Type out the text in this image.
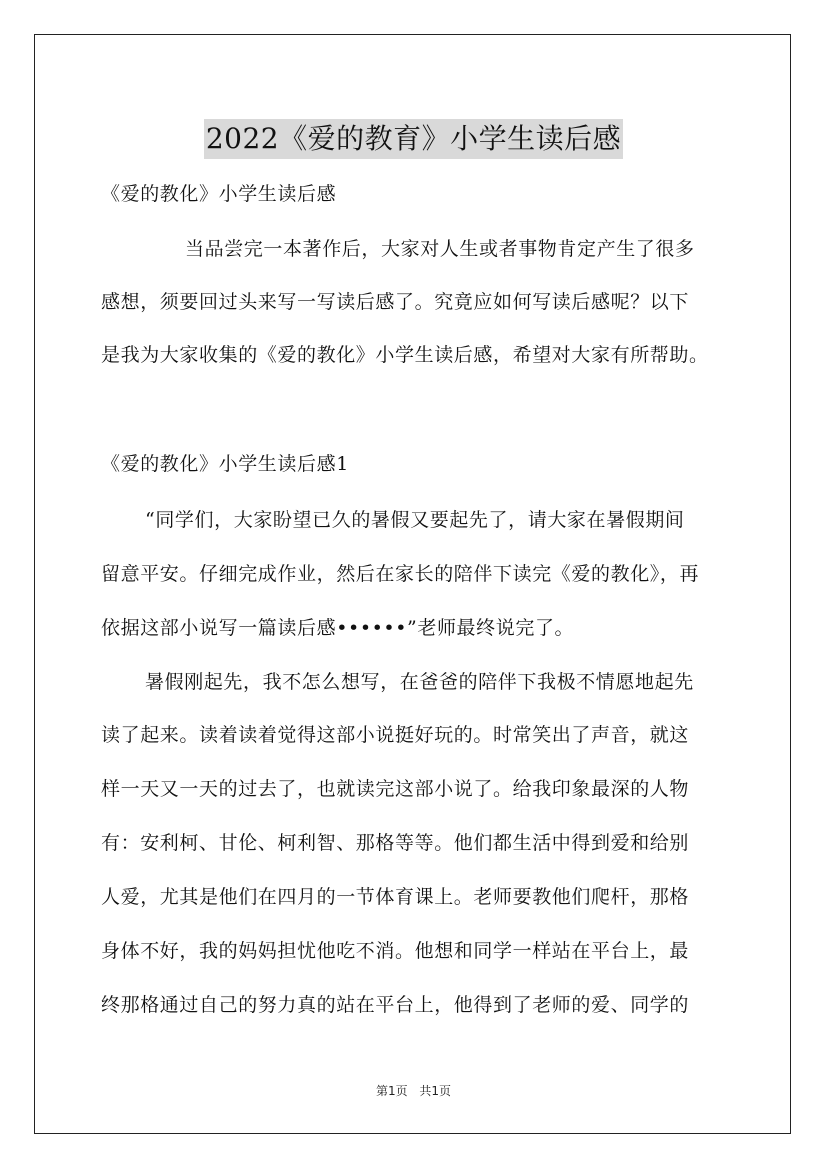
2022《爱的教育》小学生读后感
《爱的教化》小学生读后感
当品尝完一本著作后，大家对人生或者事物肯定产生了很多
感想，须要回过头来写一写读后感了。究竟应如何写读后感呢？以下
是我为大家收集的《爱的教化》小学生读后感，希望对大家有所帮助。
《爱的教化》小学生读后感1
“同学们，大家盼望已久的暑假又要起先了，请大家在暑假期间
留意平安。仔细完成作业，然后在家长的陪伴下读完《爱的教化》，再
依据这部小说写一篇读后感••••••”老师最终说完了。
暑假刚起先，我不怎么想写，在爸爸的陪伴下我极不情愿地起先
读了起来。读着读着觉得这部小说挺好玩的。时常笑出了声音，就这
样一天又一天的过去了，也就读完这部小说了。给我印象最深的人物
有：安利柯、甘伦、柯利智、那格等等。他们都生活中得到爱和给别
人爱，尤其是他们在四月的一节体育课上。老师要教他们爬杆，那格
身体不好，我的妈妈担忧他吃不消。他想和同学一样站在平台上，最
终那格通过自己的努力真的站在平台上，他得到了老师的爱、同学的
第1页 共1页
